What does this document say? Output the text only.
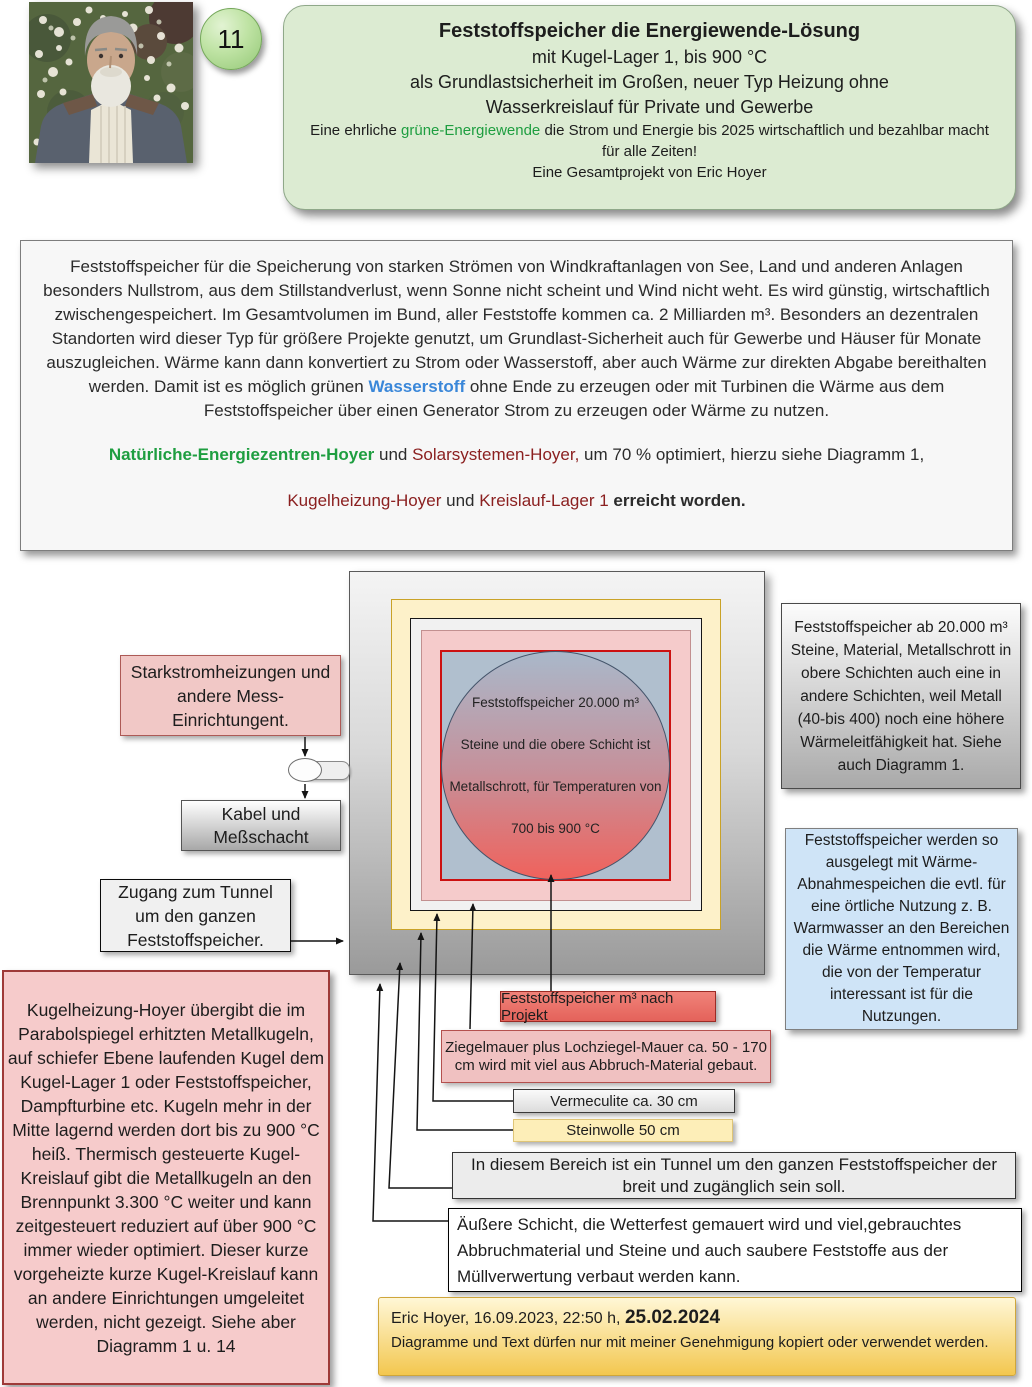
11	Feststoffspeicher die Energiewende-Lösung
mit Kugel-Lager 1, bis 900 °C
als Grundlastsicherheit im Großen, neuer Typ Heizung ohne
Wasserkreislauf für Private und Gewerbe
Eine ehrliche grüne-Energiewende die Strom und Energie bis 2025 wirtschaftlich und bezahlbar macht für alle Zeiten!
Eine Gesamtprojekt von Eric Hoyer

Feststoffspeicher für die Speicherung von starken Strömen von Windkraftanlagen von See, Land und anderen Anlagen besonders Nullstrom, aus dem Stillstandverlust, wenn Sonne nicht scheint und Wind nicht weht. Es wird günstig, wirtschaftlich zwischengespeichert. Im Gesamtvolumen im Bund, aller Feststoffe kommen ca. 2 Milliarden m³. Besonders an dezentralen Standorten wird dieser Typ für größere Projekte genutzt, um Grundlast-Sicherheit auch für Gewerbe und Häuser für Monate auszugleichen. Wärme kann dann konvertiert zu Strom oder Wasserstoff, aber auch Wärme zur direkten Abgabe bereithalten werden. Damit ist es möglich grünen Wasserstoff ohne Ende zu erzeugen oder mit Turbinen die Wärme aus dem Feststoffspeicher über einen Generator Strom zu erzeugen oder Wärme zu nutzen.

Natürliche-Energiezentren-Hoyer und Solarsystemen-Hoyer, um 70 % optimiert, hierzu siehe Diagramm 1,

Kugelheizung-Hoyer und Kreislauf-Lager 1 erreicht worden.

Feststoffspeicher 20.000 m³
Steine und die obere Schicht ist
Metallschrott, für Temperaturen von
700 bis 900 °C
Starkstromheizungen und andere Mess-Einrichtungent.
Kabel und Meßschacht
Zugang zum Tunnel um den ganzen Feststoffspeicher.
Feststoffspeicher ab 20.000 m³ Steine, Material, Metallschrott in obere Schichten auch eine in andere Schichten, weil Metall (40-bis 400) noch eine höhere Wärmeleitfähigkeit hat. Siehe auch Diagramm 1.
Feststoffspeicher werden so ausgelegt mit Wärme-Abnahmespeichen die evtl. für eine örtliche Nutzung z. B. Warmwasser an den Bereichen die Wärme entnommen wird, die von der Temperatur interessant ist für die Nutzungen.
Kugelheizung-Hoyer übergibt die im Parabolspiegel erhitzten Metallkugeln, auf schiefer Ebene laufenden Kugel dem Kugel-Lager 1 oder Feststoffspeicher, Dampfturbine etc. Kugeln mehr in der Mitte lagernd werden dort bis zu 900 °C heiß. Thermisch gesteuerte Kugel-Kreislauf gibt die Metallkugeln an den Brennpunkt 3.300 °C weiter und kann zeitgesteuert reduziert auf über 900 °C immer wieder optimiert. Dieser kurze vorgeheizte kurze Kugel-Kreislauf kann an andere Einrichtungen umgeleitet werden, nicht gezeigt. Siehe aber Diagramm 1 u. 14
Feststoffspeicher m³ nach Projekt
Ziegelmauer plus Lochziegel-Mauer ca. 50 - 170 cm wird mit viel aus Abbruch-Material gebaut.
Vermeculite ca. 30 cm
Steinwolle 50 cm
In diesem Bereich ist ein Tunnel um den ganzen Feststoffspeicher der breit und zugänglich sein soll.
Äußere Schicht, die Wetterfest gemauert wird und viel,gebrauchtes Abbruchmaterial und Steine und auch saubere Feststoffe aus der Müllverwertung verbaut werden kann.
Eric Hoyer, 16.09.2023, 22:50 h, 25.02.2024
Diagramme und Text dürfen nur mit meiner Genehmigung kopiert oder verwendet werden.
